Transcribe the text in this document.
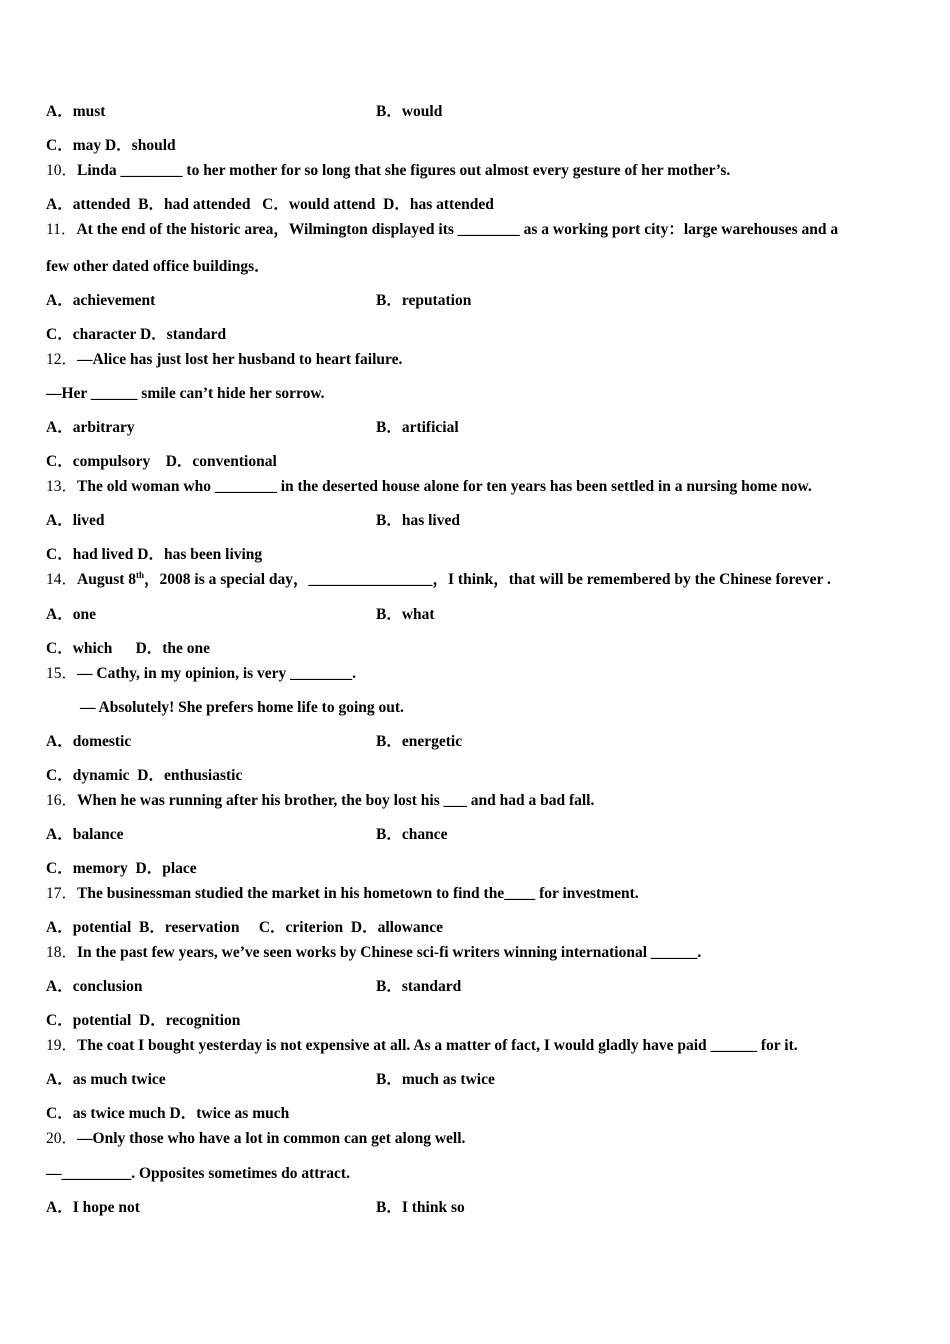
A．must	B．would
C．may D．should
10．Linda ________ to her mother for so long that she figures out almost every gesture of her mother’s.
A．attended  B．had attended   C．would attend  D．has attended
11．At the end of the historic area，Wilmington displayed its ________ as a working port city：large warehouses and a
few other dated office buildings．
A．achievement	B．reputation
C．character D．standard
12．—Alice has just lost her husband to heart failure.
—Her ______ smile can’t hide her sorrow.
A．arbitrary	B．artificial
C．compulsory    D．conventional
13．The old woman who ________ in the deserted house alone for ten years has been settled in a nursing home now.
A．lived	B．has lived
C．had lived D．has been living
14．August 8th，2008 is a special day，________________，I think，that will be remembered by the Chinese forever .
A．one	B．what
C．which      D．the one
15．— Cathy, in my opinion, is very ________.
— Absolutely! She prefers home life to going out.
A．domestic	B．energetic
C．dynamic  D．enthusiastic
16．When he was running after his brother, the boy lost his ___ and had a bad fall.
A．balance	B．chance
C．memory  D．place
17．The businessman studied the market in his hometown to find the____ for investment.
A．potential  B．reservation     C．criterion  D．allowance
18．In the past few years, we’ve seen works by Chinese sci-fi writers winning international ______.
A．conclusion	B．standard
C．potential  D．recognition
19．The coat I bought yesterday is not expensive at all. As a matter of fact, I would gladly have paid ______ for it.
A．as much twice	B．much as twice
C．as twice much D．twice as much
20．—Only those who have a lot in common can get along well.
—_________. Opposites sometimes do attract.
A．I hope not	B．I think so
